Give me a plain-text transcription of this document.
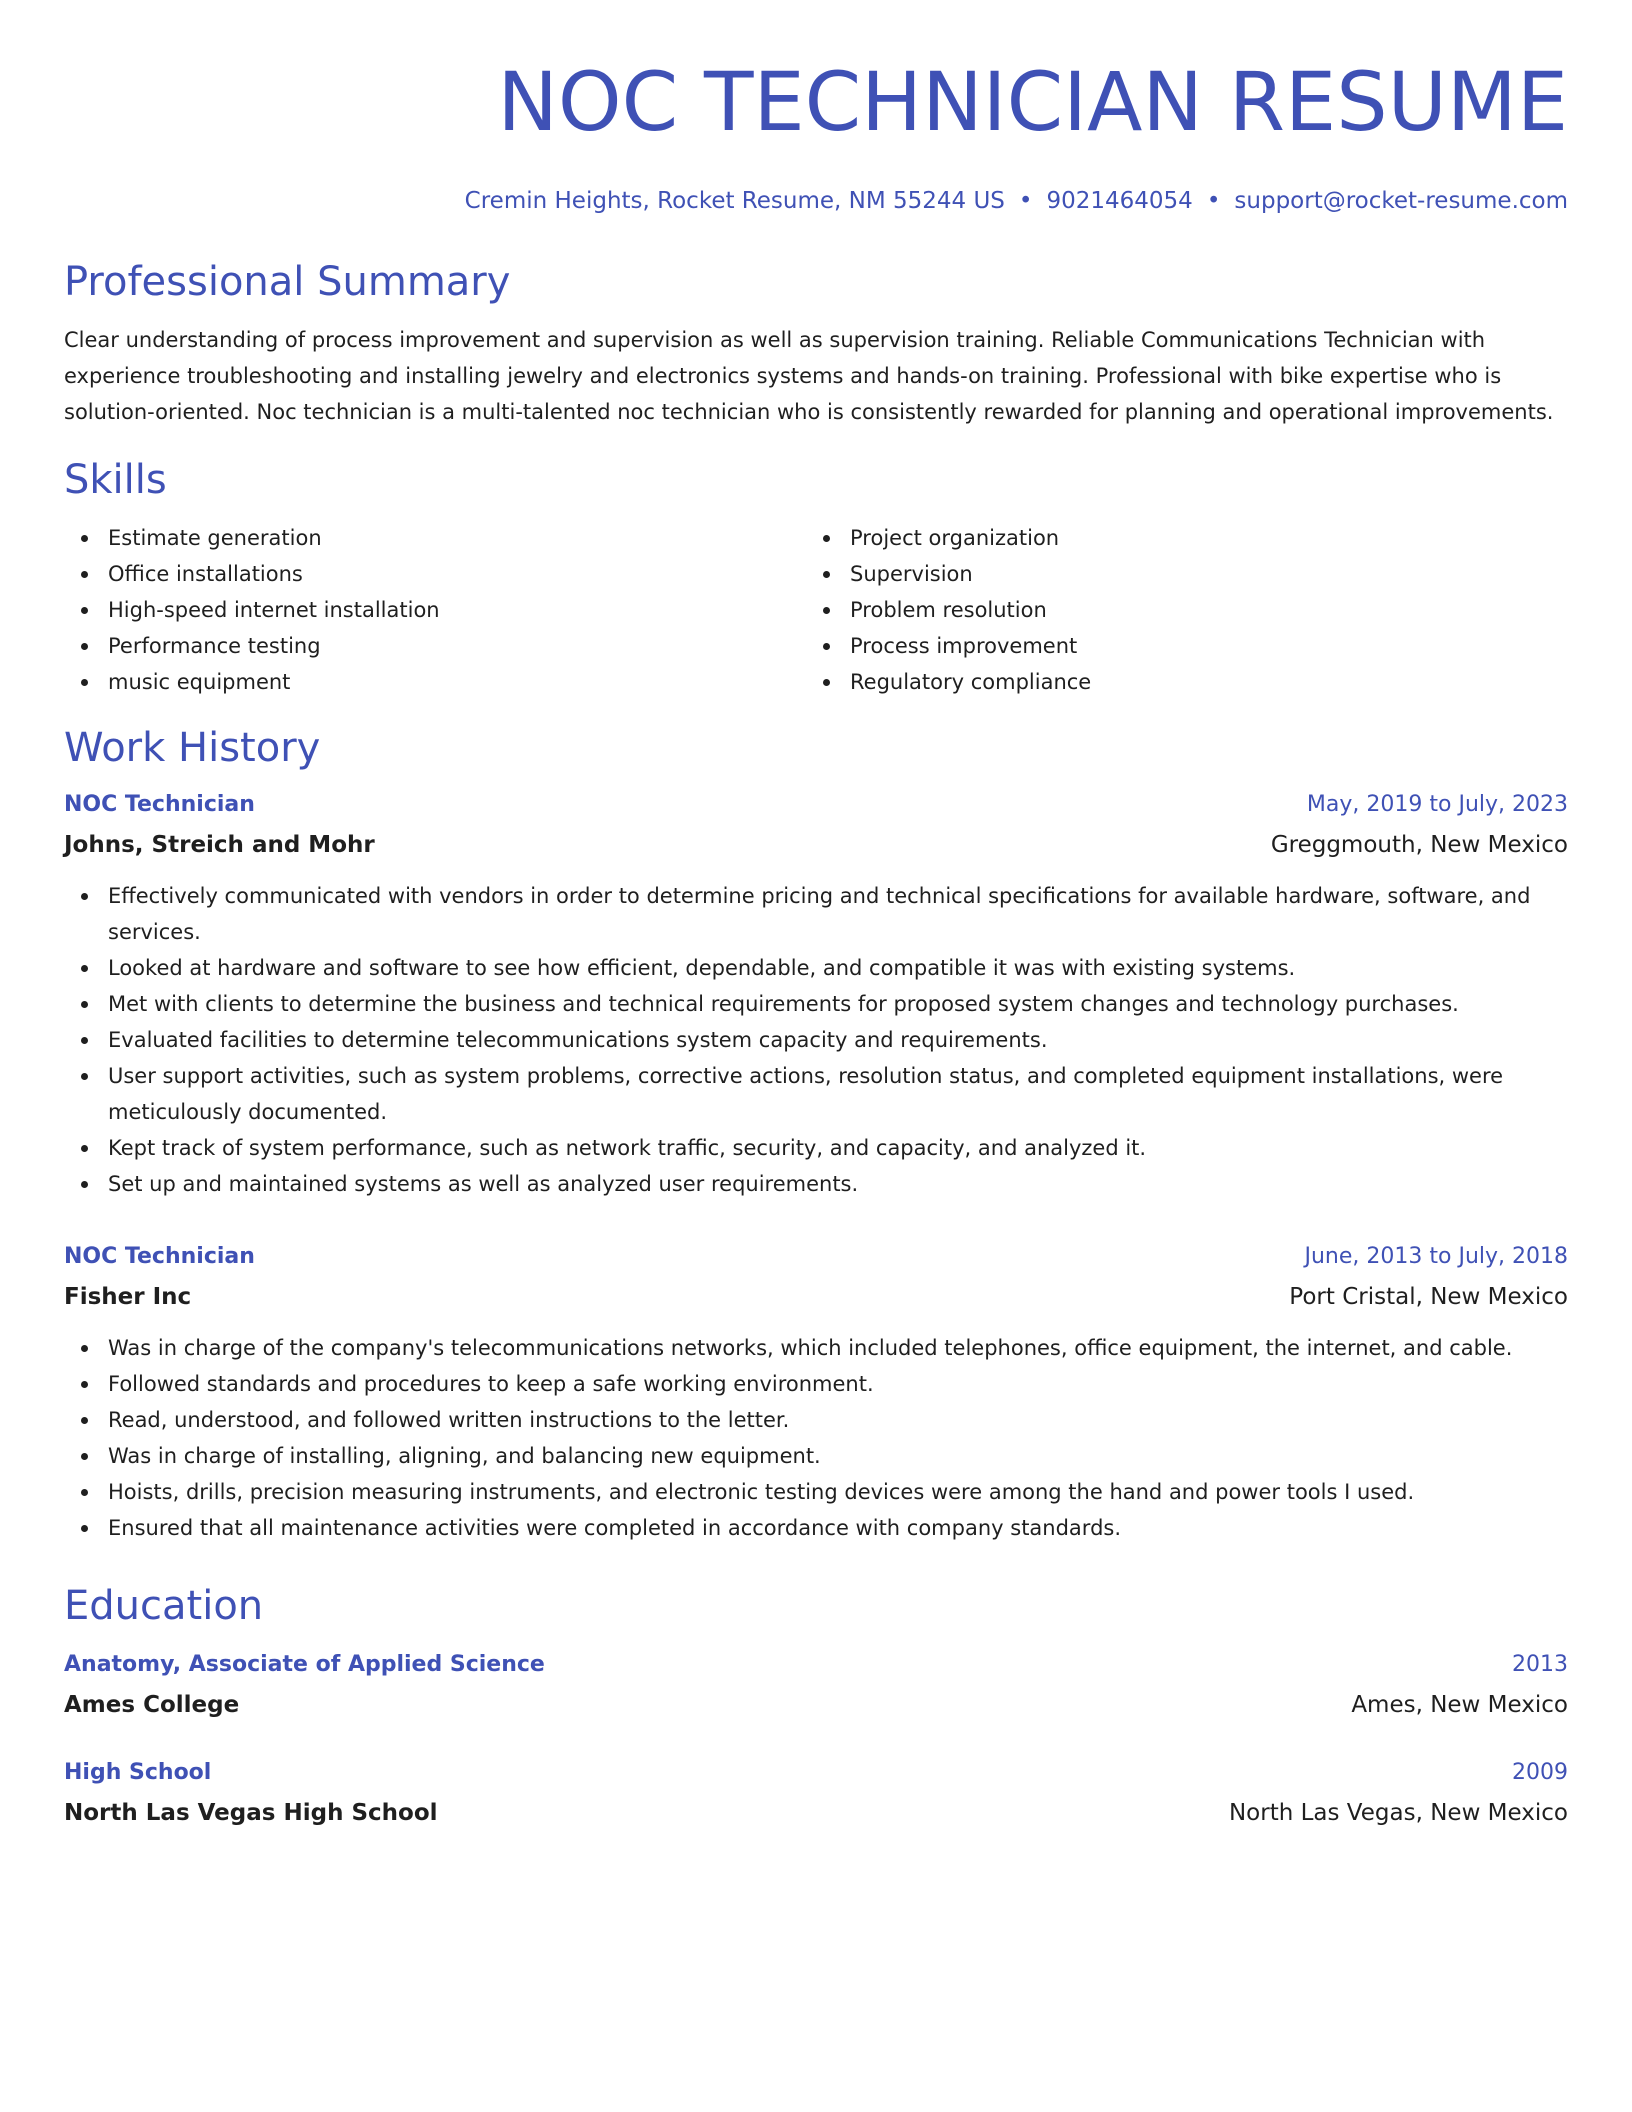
NOC TECHNICIAN RESUME
Cremin Heights, Rocket Resume, NM 55244 US • 9021464054 • support@rocket-resume.com
Professional Summary

Clear understanding of process improvement and supervision as well as supervision training. Reliable Communications Technician with experience troubleshooting and installing jewelry and electronics systems and hands-on training. Professional with bike expertise who is solution-oriented. Noc technician is a multi-talented noc technician who is consistently rewarded for planning and operational improvements.

Skills
Estimate generation
Office installations
High-speed internet installation
Performance testing
music equipment
Project organization
Supervision
Problem resolution
Process improvement
Regulatory compliance
Work History
NOC Technician	May, 2019 to July, 2023
Johns, Streich and Mohr	Greggmouth, New Mexico
Effectively communicated with vendors in order to determine pricing and technical specifications for available hardware, software, and services.
Looked at hardware and software to see how efficient, dependable, and compatible it was with existing systems.
Met with clients to determine the business and technical requirements for proposed system changes and technology purchases.
Evaluated facilities to determine telecommunications system capacity and requirements.
User support activities, such as system problems, corrective actions, resolution status, and completed equipment installations, were meticulously documented.
Kept track of system performance, such as network traffic, security, and capacity, and analyzed it.
Set up and maintained systems as well as analyzed user requirements.
NOC Technician	June, 2013 to July, 2018
Fisher Inc	Port Cristal, New Mexico
Was in charge of the company's telecommunications networks, which included telephones, office equipment, the internet, and cable.
Followed standards and procedures to keep a safe working environment.
Read, understood, and followed written instructions to the letter.
Was in charge of installing, aligning, and balancing new equipment.
Hoists, drills, precision measuring instruments, and electronic testing devices were among the hand and power tools I used.
Ensured that all maintenance activities were completed in accordance with company standards.
Education
Anatomy, Associate of Applied Science	2013
Ames College	Ames, New Mexico
High School	2009
North Las Vegas High School	North Las Vegas, New Mexico
